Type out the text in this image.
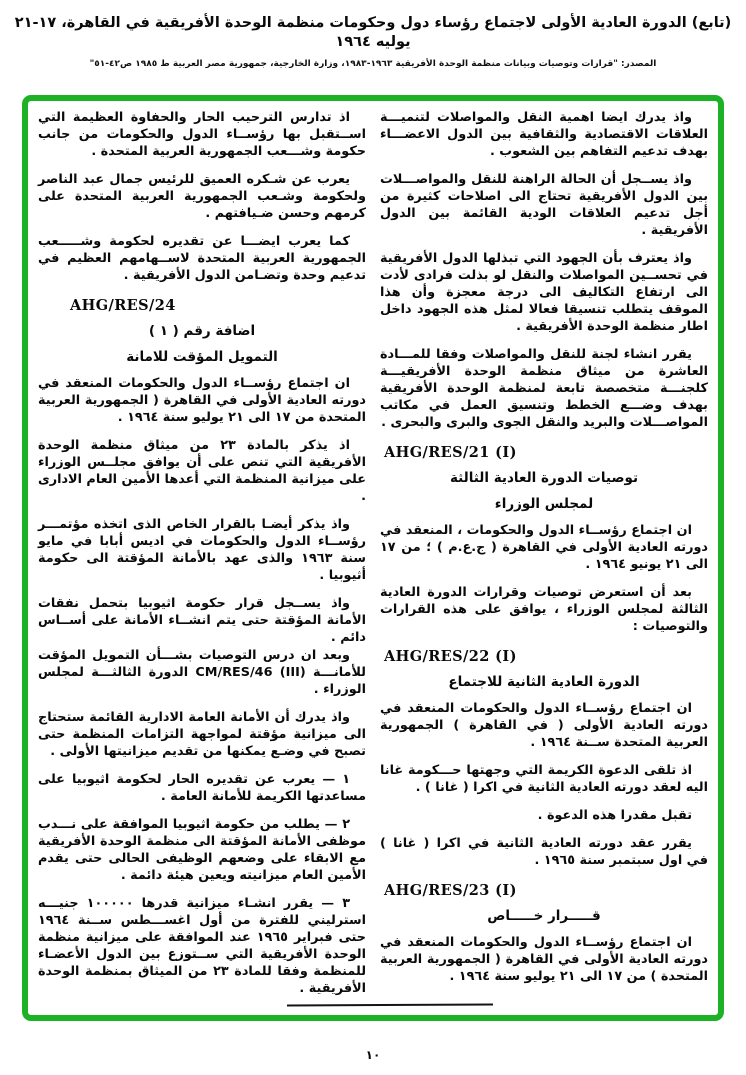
(تابع) الدورة العادية الأولى لاجتماع رؤساء دول وحكومات منظمة الوحدة الأفريقية في القاهرة، ١٧-٢١ يوليه ١٩٦٤
المصدر: "قرارات وتوصيات وبيانات منظمة الوحدة الأفريقية ١٩٦٣-١٩٨٣، وزارة الخارجية، جمهورية مصر العربية ط ١٩٨٥ ص٤٢-٥١"
واذ يدرك ايضا اهمية النقل والمواصلات لتنميـــة العلاقات الاقتصادية والثقافية بين الدول الاعضـــاء بهدف تدعيم التفاهم بين الشعوب .
واذ يســجل أن الحالة الراهنة للنقل والمواصـــلات بين الدول الأفريقية تحتاج الى اصلاحات كثيرة من أجل تدعيم العلاقات الودية القائمة بين الدول الأفريقية .
واذ يعترف بأن الجهود التي تبذلها الدول الأفريقية في تحســين المواصلات والنقل لو بذلت فرادى لأدت الى ارتفاع التكاليف الى درجة معجزة وأن هذا الموقف يتطلب تنسيقا فعالا لمثل هذه الجهود داخل اطار منظمة الوحدة الأفريقية .
يقرر انشاء لجنة للنقل والمواصلات وفقا للمـــادة العاشرة من ميثاق منظمة الوحدة الأفريقيـــة كلجنـــة متخصصة تابعة لمنظمة الوحدة الأفريقية بهدف وضـــع الخطط وتنسيق العمل في مكاتب المواصـــلات والبريد والنقل الجوى والبرى والبحرى .
AHG/RES/21 (I)
توصيات الدورة العادية الثالثة
لمجلس الوزراء
ان اجتماع رؤســاء الدول والحكومات ، المنعقد في دورته العادية الأولى في القاهرة ( ج.ع.م ) ؛ من ١٧ الى ٢١ يونيو ١٩٦٤ .
بعد أن استعرض توصيات وقرارات الدورة العادية الثالثة لمجلس الوزراء ، يوافق على هذه القرارات والتوصيات :
AHG/RES/22 (I)
الدورة العادية الثانية للاجتماع
ان اجتماع رؤســاء الدول والحكومات المنعقد في دورته العادية الأولى ( في القاهرة ) الجمهورية العربية المتحدة ســنة ١٩٦٤ .
اذ تلقى الدعوة الكريمة التي وجهتها حـــكومة غانا اليه لعقد دورته العادية الثانية في اكرا ( غانا ) .
تقبل مقدرا هذه الدعوة .
يقرر عقد دورته العادية الثانية في اكرا ( غانا ) في اول سبتمبر سنة ١٩٦٥ .
AHG/RES/23 (I)
قـــــرار خـــــاص
ان اجتماع رؤســاء الدول والحكومات المنعقد في دورته العادية الأولى في القاهرة ( الجمهورية العربية المتحدة ) من ١٧ الى ٢١ يوليو سنة ١٩٦٤ .
اذ تدارس الترحيب الحار والحفاوة العظيمة التي اســتقبل بها رؤســاء الدول والحكومات من جانب حكومة وشـــعب الجمهورية العربية المتحدة .
يعرب عن شـكره العميق للرئيس جمال عبد الناصر ولحكومة وشـعب الجمهورية العربية المتحدة على كرمهم وحسن ضـيافتهم .
كما يعرب ايضـــا عن تقديره لحكومة وشـــــعب الجمهورية العربية المتحدة لاســهامهم العظيم في تدعيم وحدة وتضـامن الدول الأفريقية .
AHG/RES/24
اضافة رقم ( ١ )
التمويل المؤقت للامانة
ان اجتماع رؤســاء الدول والحكومات المنعقد في دورته العادية الأولى في القاهرة ( الجمهورية العربية المتحدة من ١٧ الى ٢١ يوليو سنة ١٩٦٤ .
اذ يذكر بالمادة ٢٣ من ميثاق منظمة الوحدة الأفريقية التي تنص على أن يوافق مجلــس الوزراء على ميزانية المنظمة التي أعدها الأمين العام الادارى .
واذ يذكر أيضـا بالقرار الخاص الذى اتخذه مؤتمـــر رؤســاء الدول والحكومات في اديس أبابا في مايو سنة ١٩٦٣ والذى عهد بالأمانة المؤقتة الى حكومة أثيوبيا .
واذ يســجل قرار حكومة اثيوبيا بتحمل نفقات الأمانة المؤقتة حتى يتم انشــاء الأمانة على أســاس دائم .
وبعد ان درس التوصيات بشـــأن التمويل المؤقت للأمانـــة CM/RES/46 (III) الدورة الثالثـــة لمجلس الوزراء .
واذ يدرك أن الأمانة العامة الادارية القائمة ستحتاج الى ميزانية مؤقتة لمواجهة التزامات المنظمة حتى تصبح في وضـع يمكنها من تقديم ميزانيتها الأولى .
١ — يعرب عن تقديره الحار لحكومة اثيوبيا على مساعدتها الكريمة للأمانة العامة .
٢ — يطلب من حكومة اثيوبيا الموافقة على نـــدب موظفى الأمانة المؤقتة الى منظمة الوحدة الأفريقية مع الابقاء على وضعهم الوظيفى الحالى حتى يقدم الأمين العام ميزانيته ويعين هيئة دائمة .
٣ — يقرر انشـاء ميزانية قدرها ١٠٠٠٠٠ جنيـــه استرليني للفترة من أول اغســـطس ســنة ١٩٦٤ حتى فبراير ١٩٦٥ عند الموافقة على ميزانية منظمة الوحدة الأفريقية التي ســتوزع بين الدول الأعضـاء للمنظمة وفقا للمادة ٢٣ من الميثاق بمنظمة الوحدة الأفريقية .
١٠
